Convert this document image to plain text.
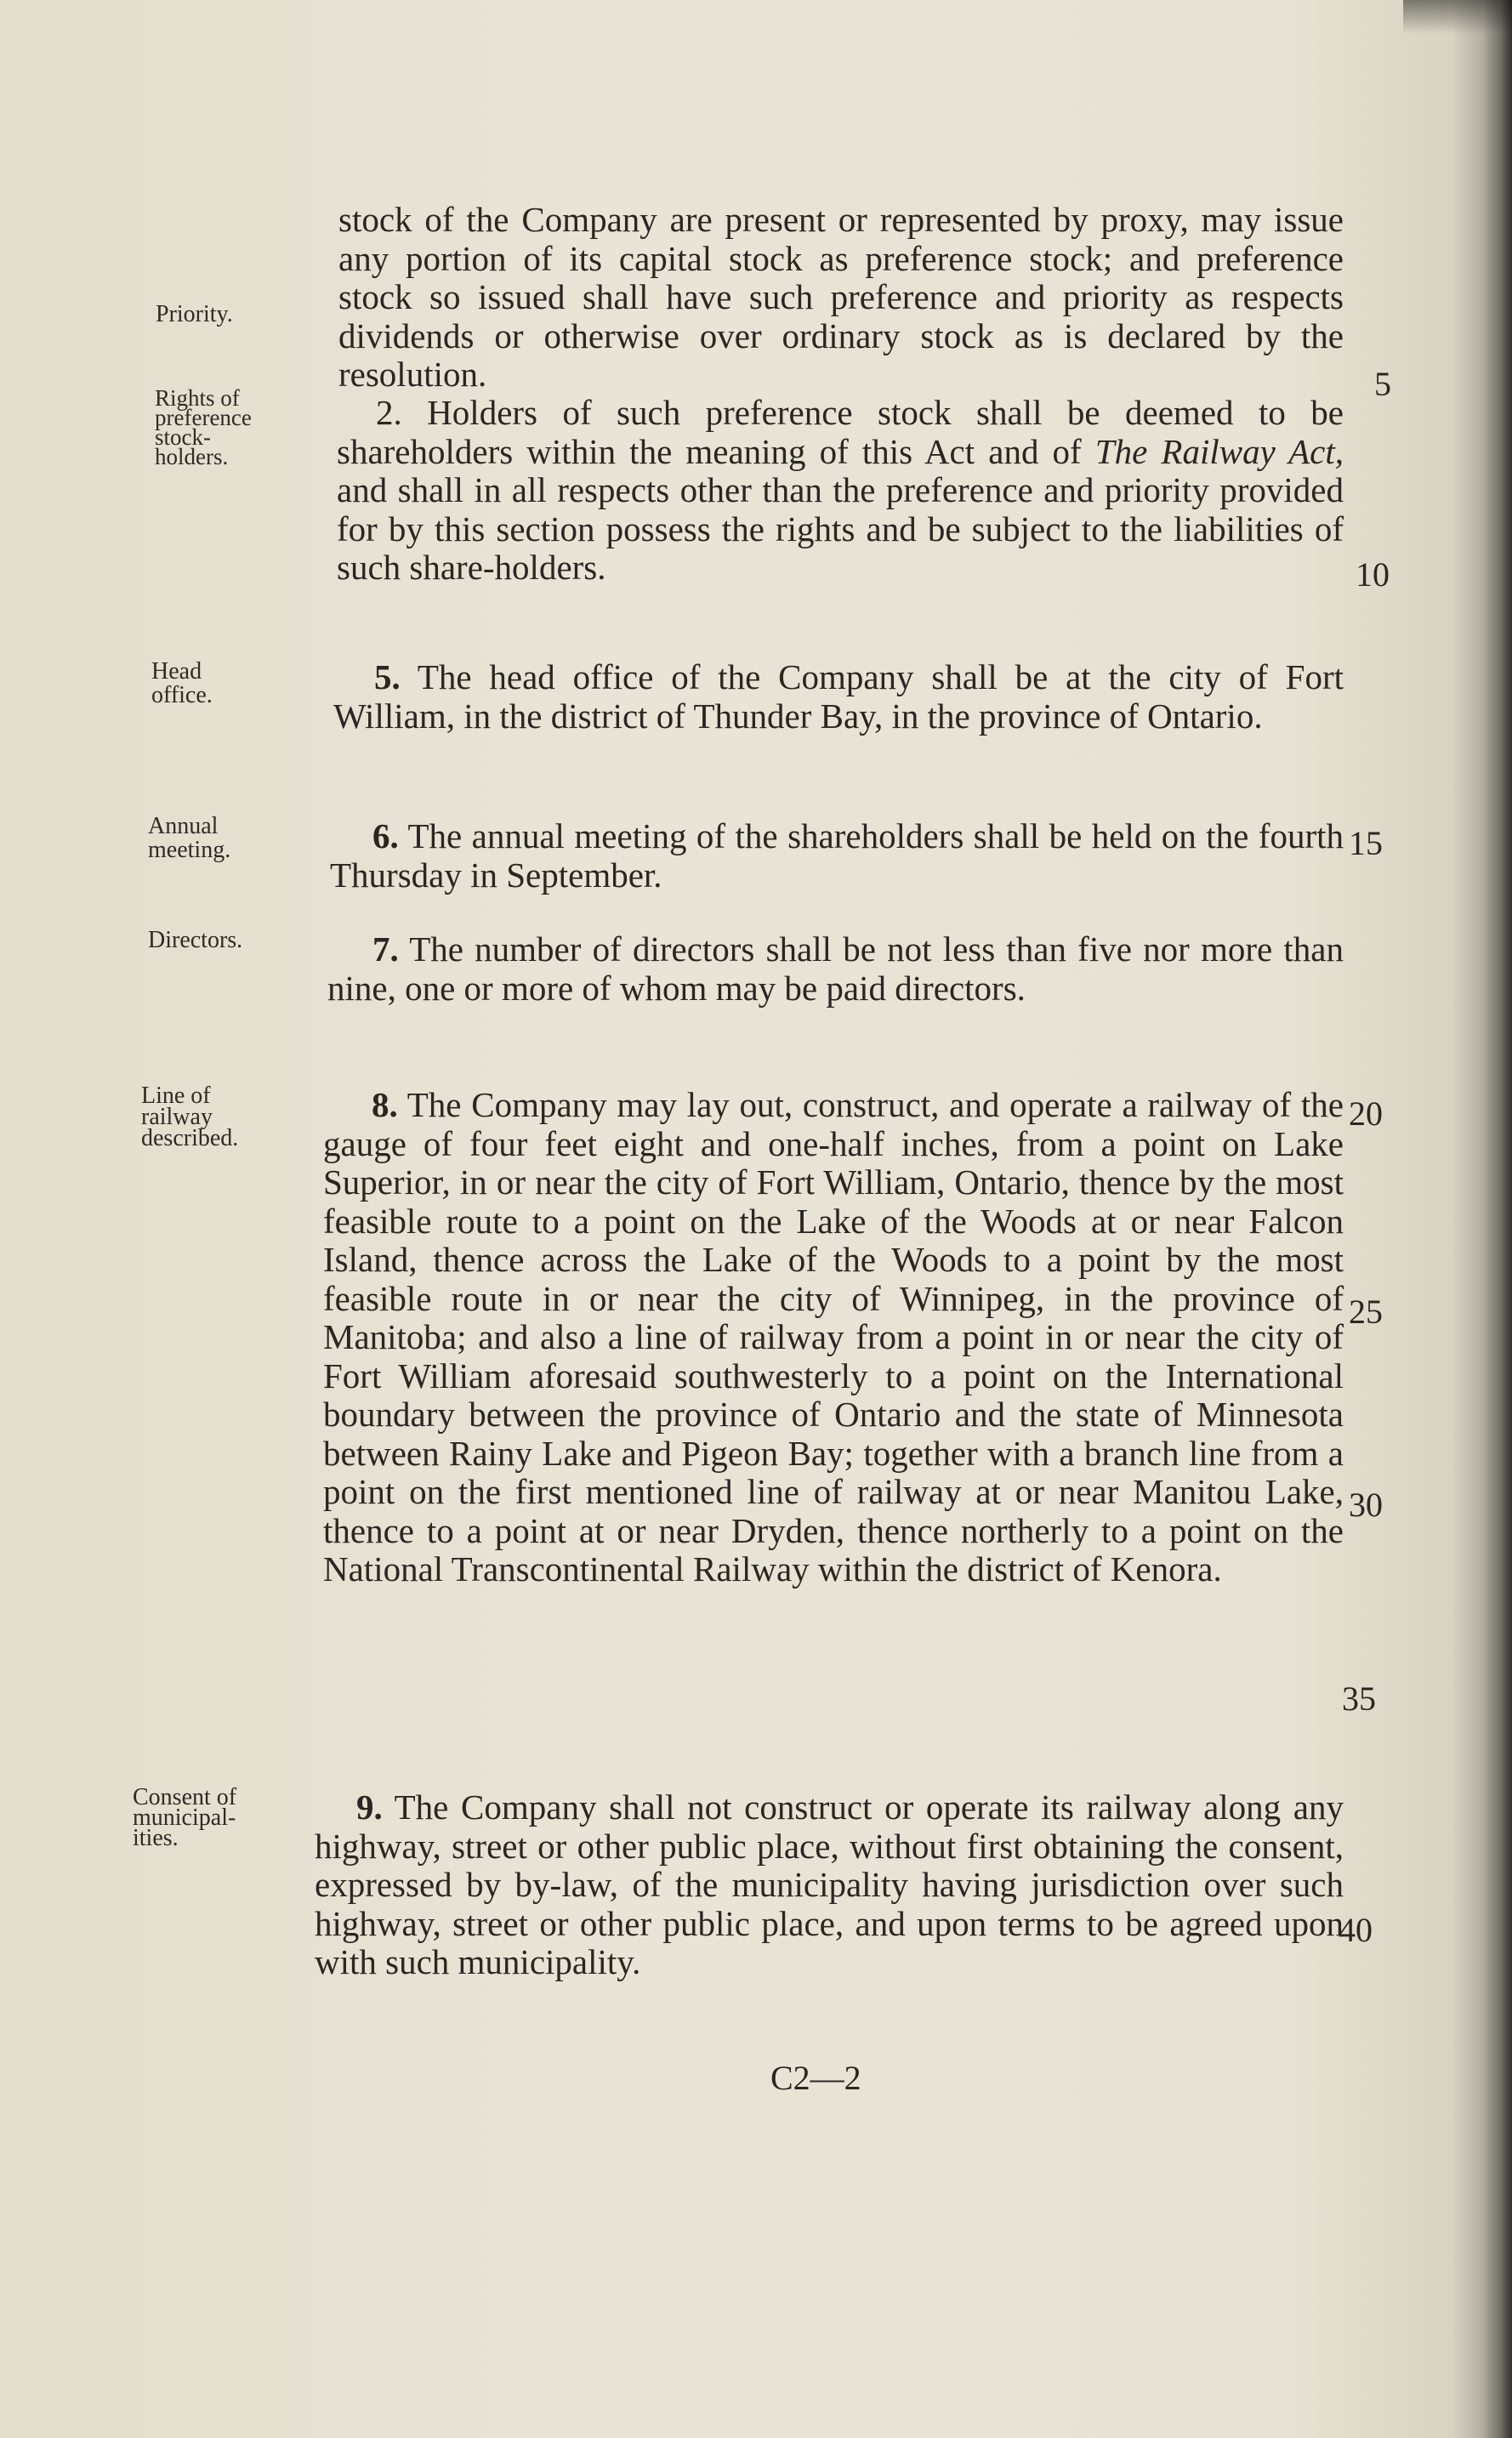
Priority.
Rights of preference stock-holders.
Head office.
Annual meeting.
Directors.
Line of railway described.
Consent of municipal-ities.

stock of the Company are present or represented by proxy, may issue any portion of its capital stock as preference stock; and preference stock so issued shall have such preference and priority as respects dividends or otherwise over ordinary stock as is declared by the resolution.

2. Holders of such preference stock shall be deemed to be shareholders within the meaning of this Act and of The Railway Act, and shall in all respects other than the preference and priority provided for by this section possess the rights and be subject to the liabilities of such share-holders.

5. The head office of the Company shall be at the city of Fort William, in the district of Thunder Bay, in the province of Ontario.

6. The annual meeting of the shareholders shall be held on the fourth Thursday in September.

7. The number of directors shall be not less than five nor more than nine, one or more of whom may be paid directors.

8. The Company may lay out, construct, and operate a railway of the gauge of four feet eight and one-half inches, from a point on Lake Superior, in or near the city of Fort William, Ontario, thence by the most feasible route to a point on the Lake of the Woods at or near Falcon Island, thence across the Lake of the Woods to a point by the most feasible route in or near the city of Winnipeg, in the province of Manitoba; and also a line of railway from a point in or near the city of Fort William aforesaid southwesterly to a point on the International boundary between the province of Ontario and the state of Minnesota between Rainy Lake and Pigeon Bay; together with a branch line from a point on the first mentioned line of railway at or near Manitou Lake, thence to a point at or near Dryden, thence northerly to a point on the National Transcontinental Railway within the district of Kenora.

9. The Company shall not construct or operate its railway along any highway, street or other public place, without first obtaining the consent, expressed by by-law, of the municipality having jurisdiction over such highway, street or other public place, and upon terms to be agreed upon with such municipality.

5
10
15
20
25
30
35
40
C2—2
